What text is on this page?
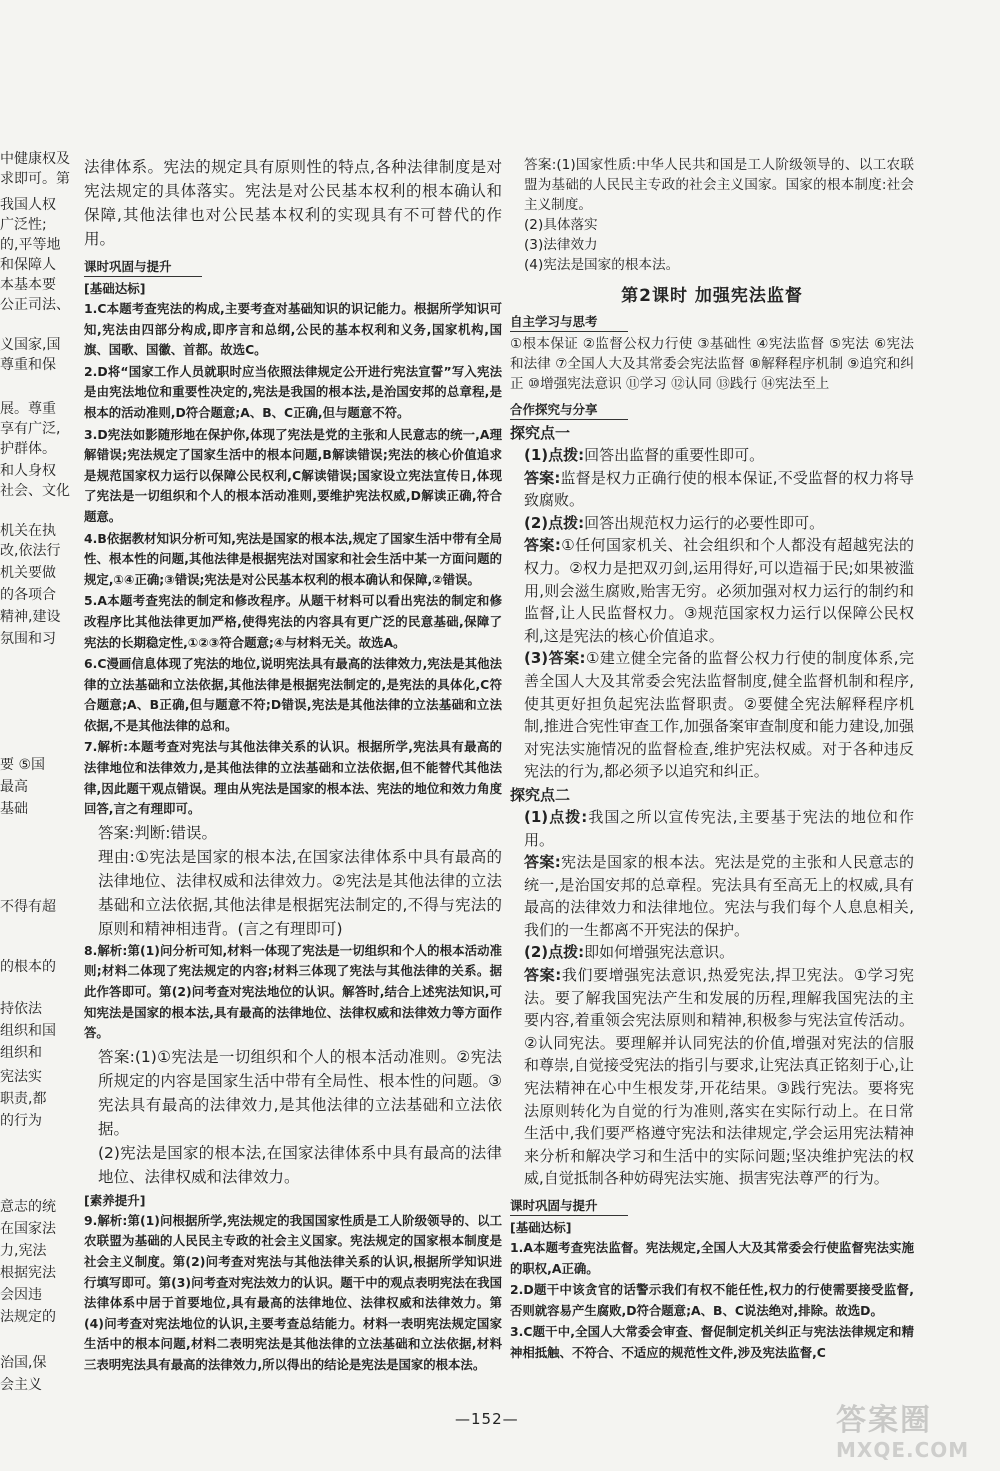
中健康权及
求即可。第
我国人权
广泛性;
的,平等地
和保障人
本基本要
公正司法、
义国家,国
尊重和保
展。尊重
享有广泛,
护群体。
和人身权
社会、文化
机关在执
改,依法行
机关要做
的各项合
精神,建设
氛围和习
要 ⑤国
最高
基础
不得有超
的根本的
持依法
组织和国
组织和
宪法实
职责,都
的行为
意志的统
在国家法
力,宪法
根据宪法
会因违
法规定的
治国,保
会主义

法律体系。宪法的规定具有原则性的特点,各种法律制度是对宪法规定的具体落实。宪法是对公民基本权利的根本确认和保障,其他法律也对公民基本权利的实现具有不可替代的作用。

课时巩固与提升
[基础达标]

1.C本题考查宪法的构成,主要考查对基础知识的识记能力。根据所学知识可知,宪法由四部分构成,即序言和总纲,公民的基本权利和义务,国家机构,国旗、国歌、国徽、首都。故选C。

2.D将“国家工作人员就职时应当依照法律规定公开进行宪法宣誓”写入宪法是由宪法地位和重要性决定的,宪法是我国的根本法,是治国安邦的总章程,是根本的活动准则,D符合题意;A、B、C正确,但与题意不符。

3.D宪法如影随形地在保护你,体现了宪法是党的主张和人民意志的统一,A理解错误;宪法规定了国家生活中的根本问题,B解读错误;宪法的核心价值追求是规范国家权力运行以保障公民权利,C解读错误;国家设立宪法宣传日,体现了宪法是一切组织和个人的根本活动准则,要维护宪法权威,D解读正确,符合题意。

4.B依据教材知识分析可知,宪法是国家的根本法,规定了国家生活中带有全局性、根本性的问题,其他法律是根据宪法对国家和社会生活中某一方面问题的规定,①④正确;③错误;宪法是对公民基本权利的根本确认和保障,②错误。

5.A本题考查宪法的制定和修改程序。从题干材料可以看出宪法的制定和修改程序比其他法律更加严格,使得宪法的内容具有更广泛的民意基础,保障了宪法的长期稳定性,①②③符合题意;④与材料无关。故选A。

6.C漫画信息体现了宪法的地位,说明宪法具有最高的法律效力,宪法是其他法律的立法基础和立法依据,其他法律是根据宪法制定的,是宪法的具体化,C符合题意;A、B正确,但与题意不符;D错误,宪法是其他法律的立法基础和立法依据,不是其他法律的总和。

7.解析:本题考查对宪法与其他法律关系的认识。根据所学,宪法具有最高的法律地位和法律效力,是其他法律的立法基础和立法依据,但不能替代其他法律,因此题干观点错误。理由从宪法是国家的根本法、宪法的地位和效力角度回答,言之有理即可。

答案:判断:错误。

理由:①宪法是国家的根本法,在国家法律体系中具有最高的法律地位、法律权威和法律效力。②宪法是其他法律的立法基础和立法依据,其他法律是根据宪法制定的,不得与宪法的原则和精神相违背。(言之有理即可)

8.解析:第(1)问分析可知,材料一体现了宪法是一切组织和个人的根本活动准则;材料二体现了宪法规定的内容;材料三体现了宪法与其他法律的关系。据此作答即可。第(2)问考查对宪法地位的认识。解答时,结合上述宪法知识,可知宪法是国家的根本法,具有最高的法律地位、法律权威和法律效力等方面作答。

答案:(1)①宪法是一切组织和个人的根本活动准则。②宪法所规定的内容是国家生活中带有全局性、根本性的问题。③宪法具有最高的法律效力,是其他法律的立法基础和立法依据。

(2)宪法是国家的根本法,在国家法律体系中具有最高的法律地位、法律权威和法律效力。

[素养提升]

9.解析:第(1)问根据所学,宪法规定的我国国家性质是工人阶级领导的、以工农联盟为基础的人民民主专政的社会主义国家。宪法规定的国家根本制度是社会主义制度。第(2)问考查对宪法与其他法律关系的认识,根据所学知识进行填写即可。第(3)问考查对宪法效力的认识。题干中的观点表明宪法在我国法律体系中居于首要地位,具有最高的法律地位、法律权威和法律效力。第(4)问考查对宪法地位的认识,主要考查总结能力。材料一表明宪法规定国家生活中的根本问题,材料二表明宪法是其他法律的立法基础和立法依据,材料三表明宪法具有最高的法律效力,所以得出的结论是宪法是国家的根本法。

答案:(1)国家性质:中华人民共和国是工人阶级领导的、以工农联盟为基础的人民民主专政的社会主义国家。国家的根本制度:社会主义制度。

(2)具体落实

(3)法律效力

(4)宪法是国家的根本法。

第2课时 加强宪法监督
自主学习与思考

①根本保证 ②监督公权力行使 ③基础性 ④宪法监督 ⑤宪法 ⑥宪法和法律 ⑦全国人大及其常委会宪法监督 ⑧解释程序机制 ⑨追究和纠正 ⑩增强宪法意识 ⑪学习 ⑫认同 ⑬践行 ⑭宪法至上

合作探究与分享
探究点一

(1)点拨:回答出监督的重要性即可。

答案:监督是权力正确行使的根本保证,不受监督的权力将导致腐败。

(2)点拨:回答出规范权力运行的必要性即可。

答案:①任何国家机关、社会组织和个人都没有超越宪法的权力。②权力是把双刃剑,运用得好,可以造福于民;如果被滥用,则会滋生腐败,贻害无穷。必须加强对权力运行的制约和监督,让人民监督权力。③规范国家权力运行以保障公民权利,这是宪法的核心价值追求。

(3)答案:①建立健全完备的监督公权力行使的制度体系,完善全国人大及其常委会宪法监督制度,健全监督机制和程序,使其更好担负起宪法监督职责。②要健全宪法解释程序机制,推进合宪性审查工作,加强备案审查制度和能力建设,加强对宪法实施情况的监督检查,维护宪法权威。对于各种违反宪法的行为,都必须予以追究和纠正。

探究点二

(1)点拨:我国之所以宣传宪法,主要基于宪法的地位和作用。

答案:宪法是国家的根本法。宪法是党的主张和人民意志的统一,是治国安邦的总章程。宪法具有至高无上的权威,具有最高的法律效力和法律地位。宪法与我们每个人息息相关,我们的一生都离不开宪法的保护。

(2)点拨:即如何增强宪法意识。

答案:我们要增强宪法意识,热爱宪法,捍卫宪法。①学习宪法。要了解我国宪法产生和发展的历程,理解我国宪法的主要内容,着重领会宪法原则和精神,积极参与宪法宣传活动。②认同宪法。要理解并认同宪法的价值,增强对宪法的信服和尊崇,自觉接受宪法的指引与要求,让宪法真正铭刻于心,让宪法精神在心中生根发芽,开花结果。③践行宪法。要将宪法原则转化为自觉的行为准则,落实在实际行动上。在日常生活中,我们要严格遵守宪法和法律规定,学会运用宪法精神来分析和解决学习和生活中的实际问题;坚决维护宪法的权威,自觉抵制各种妨碍宪法实施、损害宪法尊严的行为。

课时巩固与提升
[基础达标]

1.A本题考查宪法监督。宪法规定,全国人大及其常委会行使监督宪法实施的职权,A正确。

2.D题干中该贪官的话警示我们有权不能任性,权力的行使需要接受监督,否则就容易产生腐败,D符合题意;A、B、C说法绝对,排除。故选D。

3.C题干中,全国人大常委会审查、督促制定机关纠正与宪法法律规定和精神相抵触、不符合、不适应的规范性文件,涉及宪法监督,C

—152—	答案圈
MXQE.COM
